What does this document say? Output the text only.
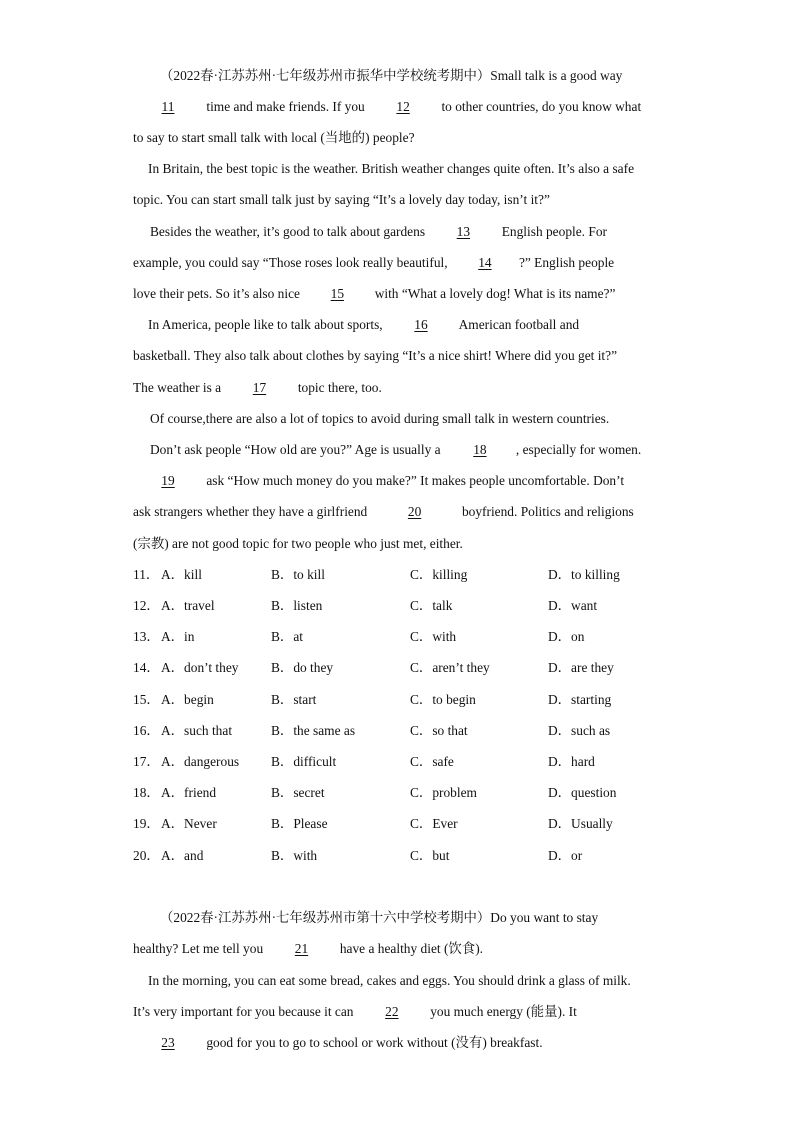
（2022春·江苏苏州·七年级苏州市振华中学校统考期中）Small talk is a good way
11 time and make friends. If you 12 to other countries, do you know what
to say to start small talk with local (当地的) people?
In Britain, the best topic is the weather. British weather changes quite often. It’s also a safe
topic. You can start small talk just by saying “It’s a lovely day today, isn’t it?”
Besides the weather, it’s good to talk about gardens 13 English people. For
example, you could say “Those roses look really beautiful, 14 ?” English people
love their pets. So it’s also nice 15 with “What a lovely dog! What is its name?”
In America, people like to talk about sports, 16 American football and
basketball. They also talk about clothes by saying “It’s a nice shirt! Where did you get it?”
The weather is a 17 topic there, too.
Of course,there are also a lot of topics to avoid during small talk in western countries.
Don’t ask people “How old are you?” Age is usually a 18 , especially for women.
19 ask “How much money do you make?” It makes people uncomfortable. Don’t
ask strangers whether they have a girlfriend	20	boyfriend. Politics and religions
(宗教) are not good topic for two people who just met, either.
11． A．kill	B．to kill	C．killing	D．to killing
12． A．travel	B．listen	C．talk	D．want
13． A．in	B．at	C．with	D．on
14． A．don’t they B．do they	C．aren’t they	D．are they
15． A．begin	B．start	C．to begin	D．starting
16． A．such that	B．the same as	C．so that	D．such as
17． A．dangerous B．difficult	C．safe	D．hard
18． A．friend	B．secret	C．problem	D．question
19． A．Never	B．Please	C．Ever	D．Usually
20． A．and	B．with	C．but	D．or
（2022春·江苏苏州·七年级苏州市第十六中学校考期中）Do you want to stay
healthy? Let me tell you 21 have a healthy diet (饮食).
In the morning, you can eat some bread, cakes and eggs. You should drink a glass of milk.
It’s very important for you because it can 22 you much energy (能量). It
23 good for you to go to school or work without (没有) breakfast.
